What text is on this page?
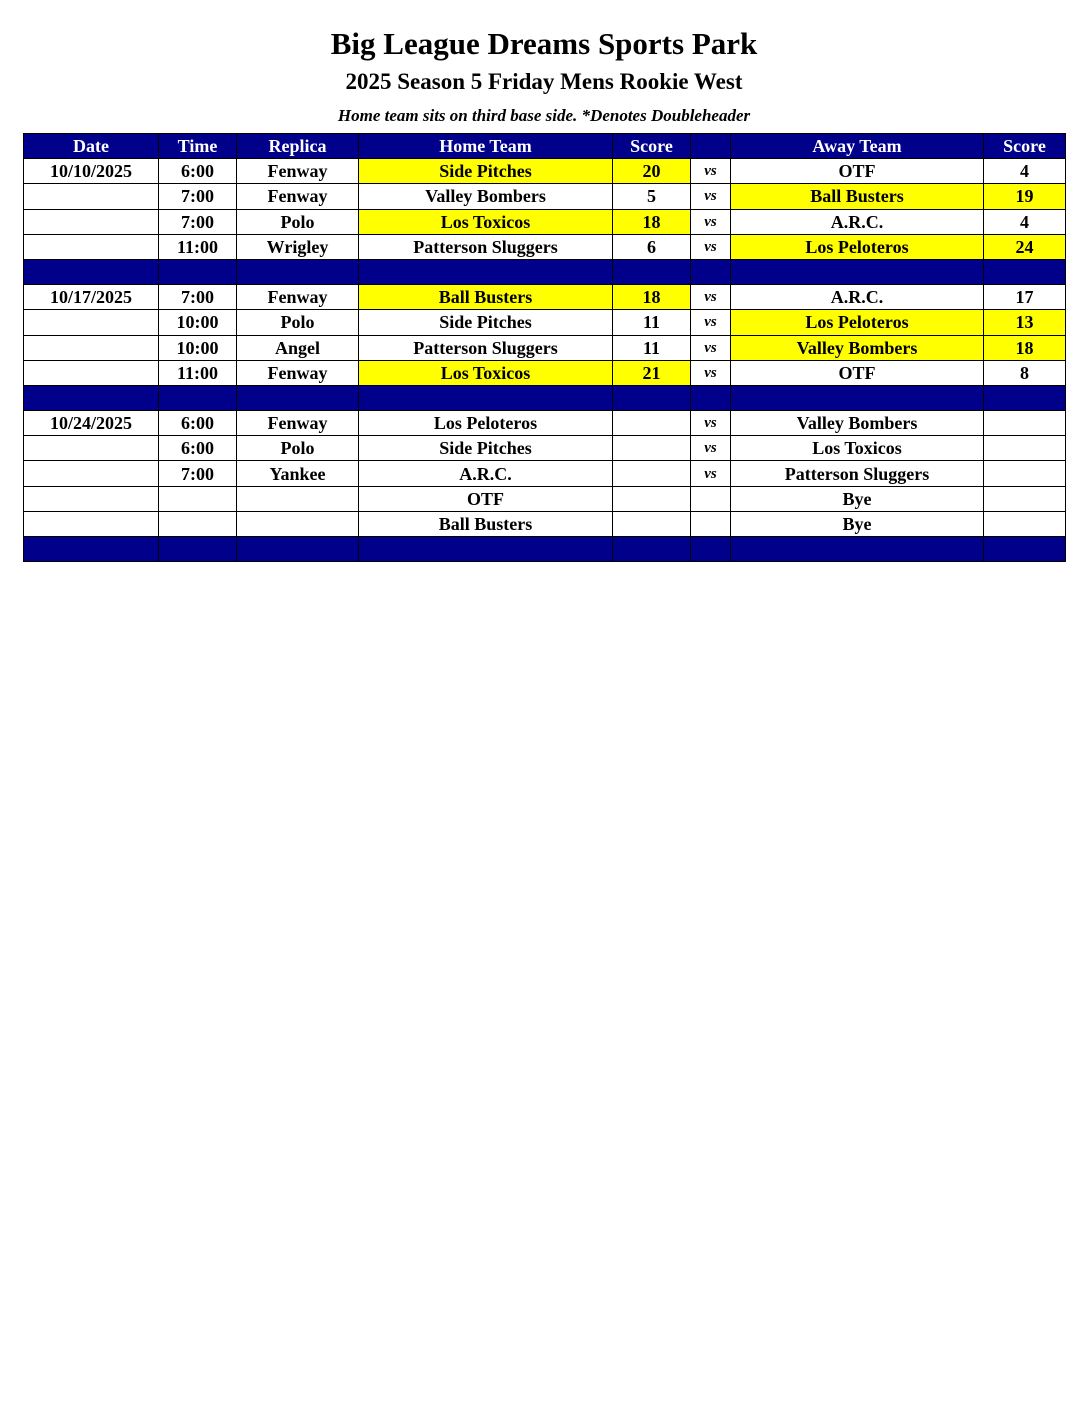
Big League Dreams Sports Park
2025 Season 5 Friday Mens Rookie West
Home team sits on third base side. *Denotes Doubleheader
Date	Time	Replica	Home Team	Score		Away Team	Score
10/10/2025	6:00	Fenway	Side Pitches	20	vs	OTF	4
	7:00	Fenway	Valley Bombers	5	vs	Ball Busters	19
	7:00	Polo	Los Toxicos	18	vs	A.R.C.	4
	11:00	Wrigley	Patterson Sluggers	6	vs	Los Peloteros	24

10/17/2025	7:00	Fenway	Ball Busters	18	vs	A.R.C.	17
	10:00	Polo	Side Pitches	11	vs	Los Peloteros	13
	10:00	Angel	Patterson Sluggers	11	vs	Valley Bombers	18
	11:00	Fenway	Los Toxicos	21	vs	OTF	8

10/24/2025	6:00	Fenway	Los Peloteros		vs	Valley Bombers	
	6:00	Polo	Side Pitches		vs	Los Toxicos	
	7:00	Yankee	A.R.C.		vs	Patterson Sluggers	
			OTF			Bye	
			Ball Busters			Bye	
